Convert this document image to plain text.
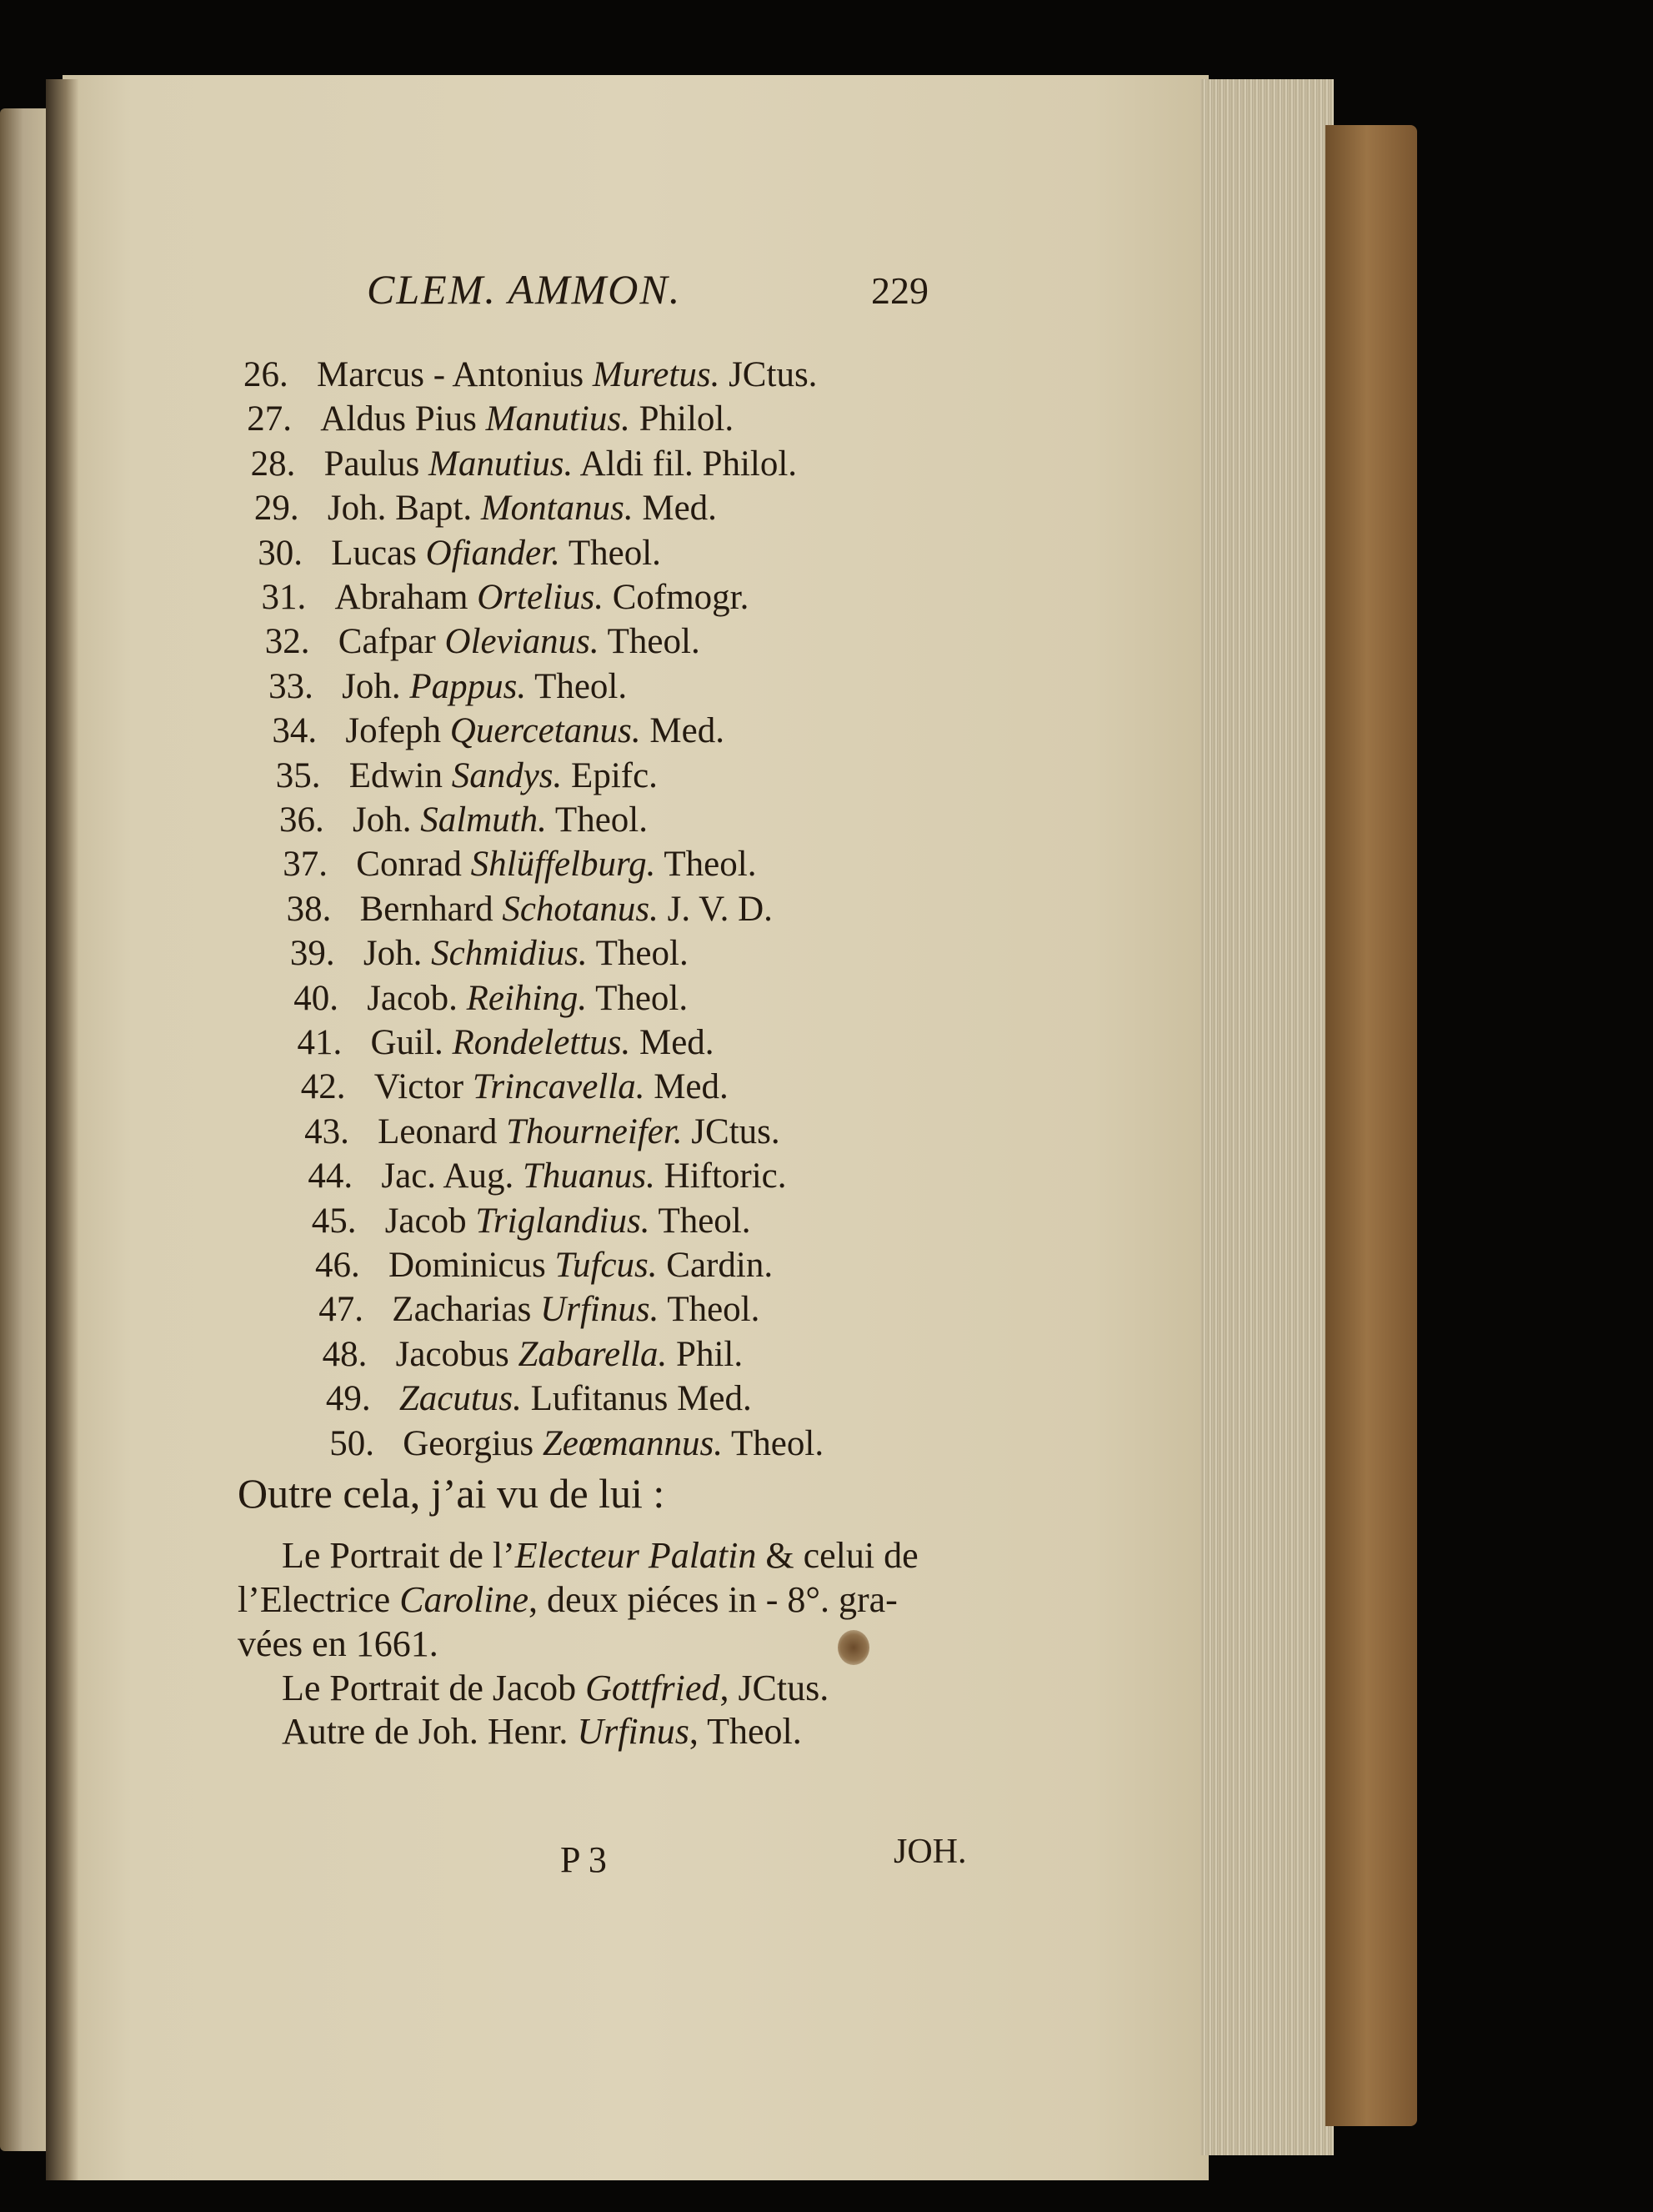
CLEM. AMMON.	229
26. Marcus - Antonius Muretus. JCtus.
27. Aldus Pius Manutius. Philol.
28. Paulus Manutius. Aldi fil. Philol.
29. Joh. Bapt. Montanus. Med.
30. Lucas Ofiander. Theol.
31. Abraham Ortelius. Cofmogr.
32. Cafpar Olevianus. Theol.
33. Joh. Pappus. Theol.
34. Jofeph Quercetanus. Med.
35. Edwin Sandys. Epifc.
36. Joh. Salmuth. Theol.
37. Conrad Shlüffelburg. Theol.
38. Bernhard Schotanus. J. V. D.
39. Joh. Schmidius. Theol.
40. Jacob. Reihing. Theol.
41. Guil. Rondelettus. Med.
42. Victor Trincavella. Med.
43. Leonard Thourneifer. JCtus.
44. Jac. Aug. Thuanus. Hiftoric.
45. Jacob Triglandius. Theol.
46. Dominicus Tufcus. Cardin.
47. Zacharias Urfinus. Theol.
48. Jacobus Zabarella. Phil.
49. Zacutus. Lufitanus Med.
50. Georgius Zeœmannus. Theol.
Outre cela, j’ai vu de lui :
Le Portrait de l’Electeur Palatin & celui de
l’Electrice Caroline, deux piéces in - 8°. gra-
vées en 1661.
Le Portrait de Jacob Gottfried, JCtus.
Autre de Joh. Henr. Urfinus, Theol.
P 3	JOH.
